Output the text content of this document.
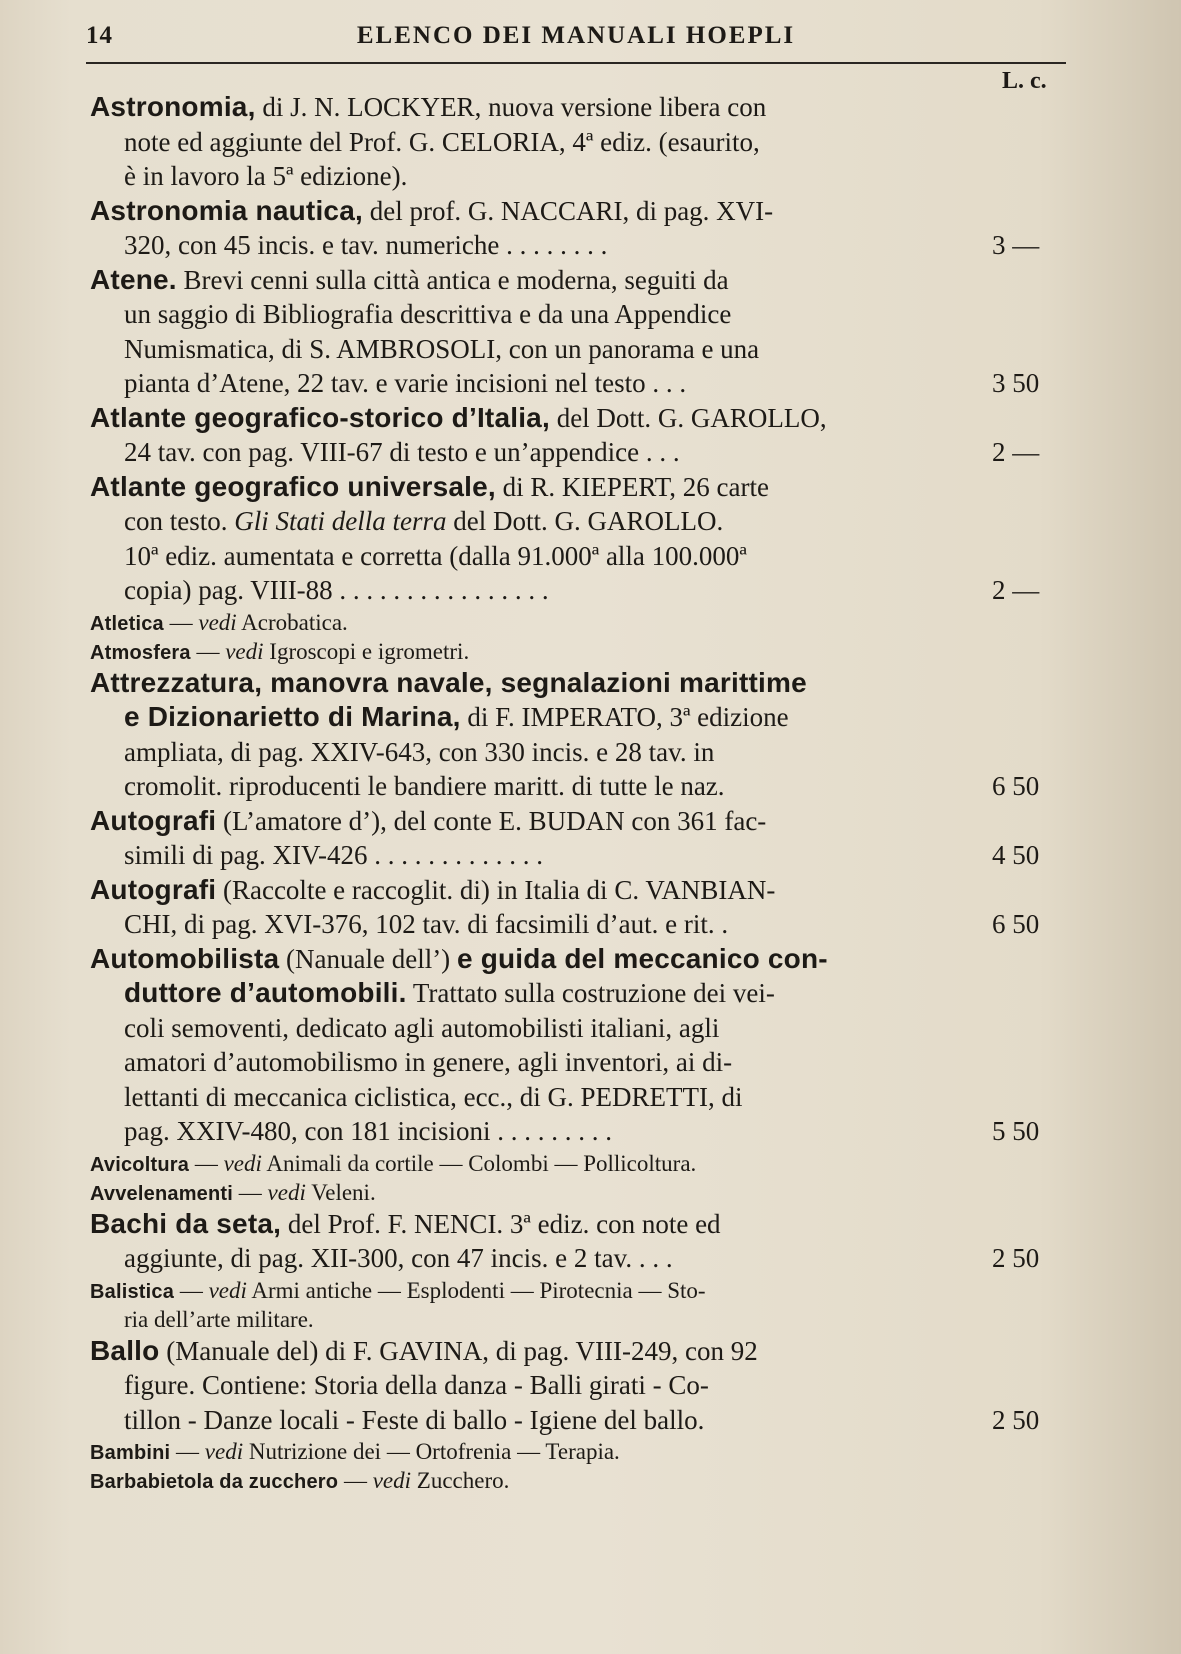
14	ELENCO DEI MANUALI HOEPLI
L. c.
Astronomia, di J. N. LOCKYER, nuova versione libera con
note ed aggiunte del Prof. G. CELORIA, 4ª ediz. (esaurito,
è in lavoro la 5ª edizione).
Astronomia nautica, del prof. G. NACCARI, di pag. XVI-
320, con 45 incis. e tav. numeriche . . . . . . . .	3 —
Atene. Brevi cenni sulla città antica e moderna, seguiti da
un saggio di Bibliografia descrittiva e da una Appendice
Numismatica, di S. AMBROSOLI, con un panorama e una
pianta d’Atene, 22 tav. e varie incisioni nel testo . . .	3 50
Atlante geografico-storico d’Italia, del Dott. G. GAROLLO,
24 tav. con pag. VIII-67 di testo e un’appendice . . .	2 —
Atlante geografico universale, di R. KIEPERT, 26 carte
con testo. Gli Stati della terra del Dott. G. GAROLLO.
10ª ediz. aumentata e corretta (dalla 91.000ª alla 100.000ª
copia) pag. VIII-88 . . . . . . . . . . . . . . . .	2 —
Atletica — vedi Acrobatica.
Atmosfera — vedi Igroscopi e igrometri.
Attrezzatura, manovra navale, segnalazioni marittime
e Dizionarietto di Marina, di F. IMPERATO, 3ª edizione
ampliata, di pag. XXIV-643, con 330 incis. e 28 tav. in
cromolit. riproducenti le bandiere maritt. di tutte le naz.	6 50
Autografi (L’amatore d’), del conte E. BUDAN con 361 fac-
simili di pag. XIV-426 . . . . . . . . . . . . .	4 50
Autografi (Raccolte e raccoglit. di) in Italia di C. VANBIAN-
CHI, di pag. XVI-376, 102 tav. di facsimili d’aut. e rit. .	6 50
Automobilista (Nanuale dell’) e guida del meccanico con-
duttore d’automobili. Trattato sulla costruzione dei vei-
coli semoventi, dedicato agli automobilisti italiani, agli
amatori d’automobilismo in genere, agli inventori, ai di-
lettanti di meccanica ciclistica, ecc., di G. PEDRETTI, di
pag. XXIV-480, con 181 incisioni . . . . . . . . .	5 50
Avicoltura — vedi Animali da cortile — Colombi — Pollicoltura.
Avvelenamenti — vedi Veleni.
Bachi da seta, del Prof. F. NENCI. 3ª ediz. con note ed
aggiunte, di pag. XII-300, con 47 incis. e 2 tav. . . .	2 50
Balistica — vedi Armi antiche — Esplodenti — Pirotecnia — Sto-
ria dell’arte militare.
Ballo (Manuale del) di F. GAVINA, di pag. VIII-249, con 92
figure. Contiene: Storia della danza - Balli girati - Co-
tillon - Danze locali - Feste di ballo - Igiene del ballo.	2 50
Bambini — vedi Nutrizione dei — Ortofrenia — Terapia.
Barbabietola da zucchero — vedi Zucchero.
